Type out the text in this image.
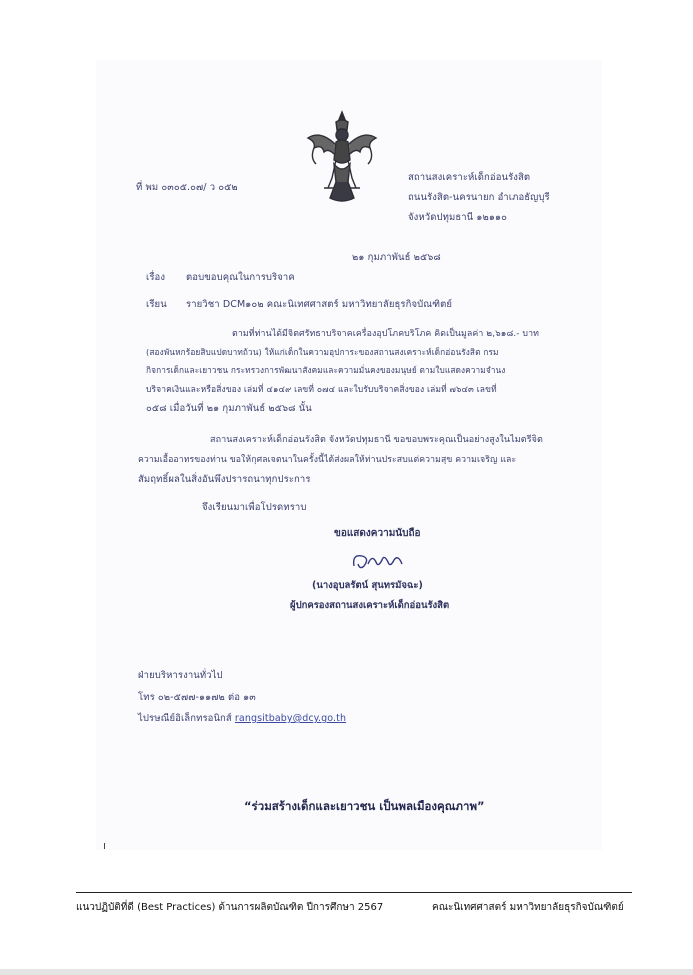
ที่ พม ๐๓๐๕.๐๗/ ว ๐๕๒
สถานสงเคราะห์เด็กอ่อนรังสิต
ถนนรังสิต-นครนายก อำเภอธัญบุรี
จังหวัดปทุมธานี ๑๒๑๑๐
๒๑ กุมภาพันธ์ ๒๕๖๘
เรื่อง ตอบขอบคุณในการบริจาค
เรียน รายวิชา DCM๑๐๒ คณะนิเทศศาสตร์ มหาวิทยาลัยธุรกิจบัณฑิตย์
ตามที่ท่านได้มีจิตศรัทธาบริจาคเครื่องอุปโภคบริโภค คิดเป็นมูลค่า ๒,๖๑๘.- บาท
(สองพันหกร้อยสิบแปดบาทถ้วน) ให้แก่เด็กในความอุปการะของสถานสงเคราะห์เด็กอ่อนรังสิต กรม
กิจการเด็กและเยาวชน กระทรวงการพัฒนาสังคมและความมั่นคงของมนุษย์ ตามใบแสดงความจำนง
บริจาคเงินและหรือสิ่งของ เล่มที่ ๔๑๔๙ เลขที่ ๐๗๔ และใบรับบริจาคสิ่งของ เล่มที่ ๗๖๔๓ เลขที่
๐๕๘ เมื่อวันที่ ๒๑ กุมภาพันธ์ ๒๕๖๘ นั้น
สถานสงเคราะห์เด็กอ่อนรังสิต จังหวัดปทุมธานี ขอขอบพระคุณเป็นอย่างสูงในไมตรีจิต
ความเอื้ออาทรของท่าน ขอให้กุศลเจตนาในครั้งนี้ได้ส่งผลให้ท่านประสบแต่ความสุข ความเจริญ และ
สัมฤทธิ์ผลในสิ่งอันพึงปรารถนาทุกประการ
จึงเรียนมาเพื่อโปรดทราบ
ขอแสดงความนับถือ
(นางอุบลรัตน์ สุนทรมัจฉะ)
ผู้ปกครองสถานสงเคราะห์เด็กอ่อนรังสิต
ฝ่ายบริหารงานทั่วไป
โทร ๐๒-๕๗๗-๑๑๗๒ ต่อ ๑๓
ไปรษณีย์อิเล็กทรอนิกส์ rangsitbaby@dcy.go.th
“ร่วมสร้างเด็กและเยาวชน เป็นพลเมืองคุณภาพ”
แนวปฏิบัติที่ดี (Best Practices) ด้านการผลิตบัณฑิต ปีการศึกษา 2567	คณะนิเทศศาสตร์ มหาวิทยาลัยธุรกิจบัณฑิตย์
